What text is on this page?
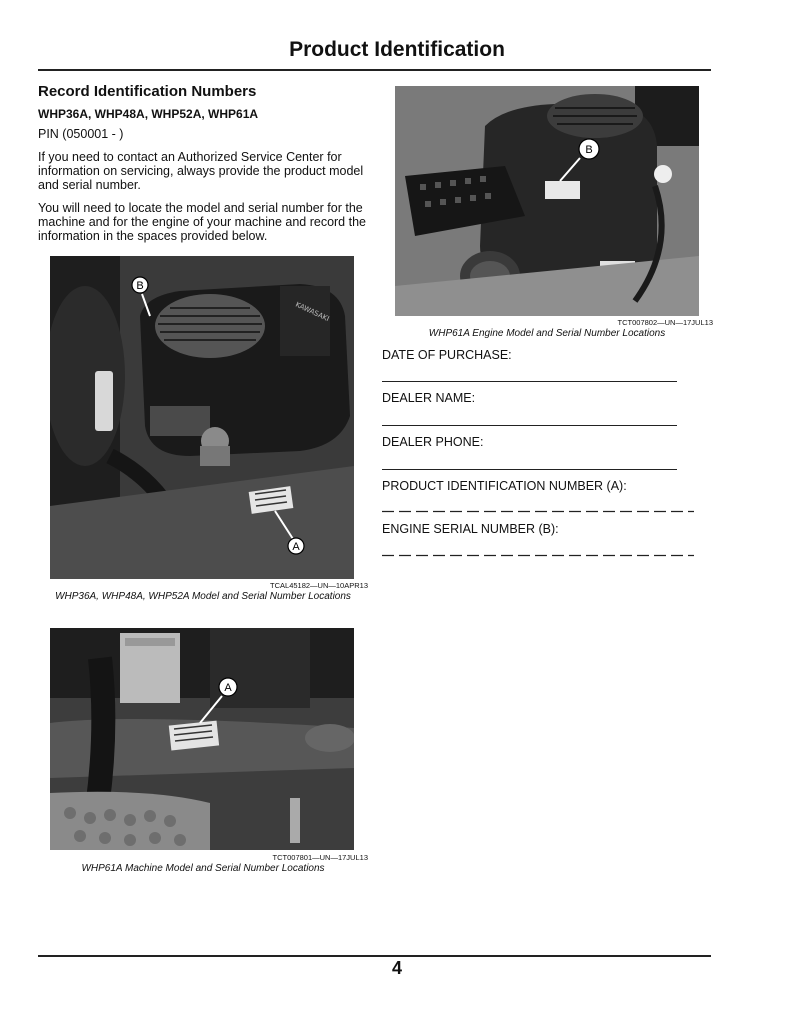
Product Identification
Record Identification Numbers
WHP36A, WHP48A, WHP52A, WHP61A
PIN (050001 - )

If you need to contact an Authorized Service Center for information on servicing, always provide the product model and serial number.

You will need to locate the model and serial number for the machine and for the engine of your machine and record the information in the spaces provided below.

KAWASAKI
A
B
TCAL45182—UN—10APR13
WHP36A, WHP48A, WHP52A Model and Serial Number Locations
A
TCT007801—UN—17JUL13
WHP61A Machine Model and Serial Number Locations
B
TCT007802—UN—17JUL13
WHP61A Engine Model and Serial Number Locations
DATE OF PURCHASE:
DEALER NAME:
DEALER PHONE:
PRODUCT IDENTIFICATION NUMBER (A):
ENGINE SERIAL NUMBER (B):
4
